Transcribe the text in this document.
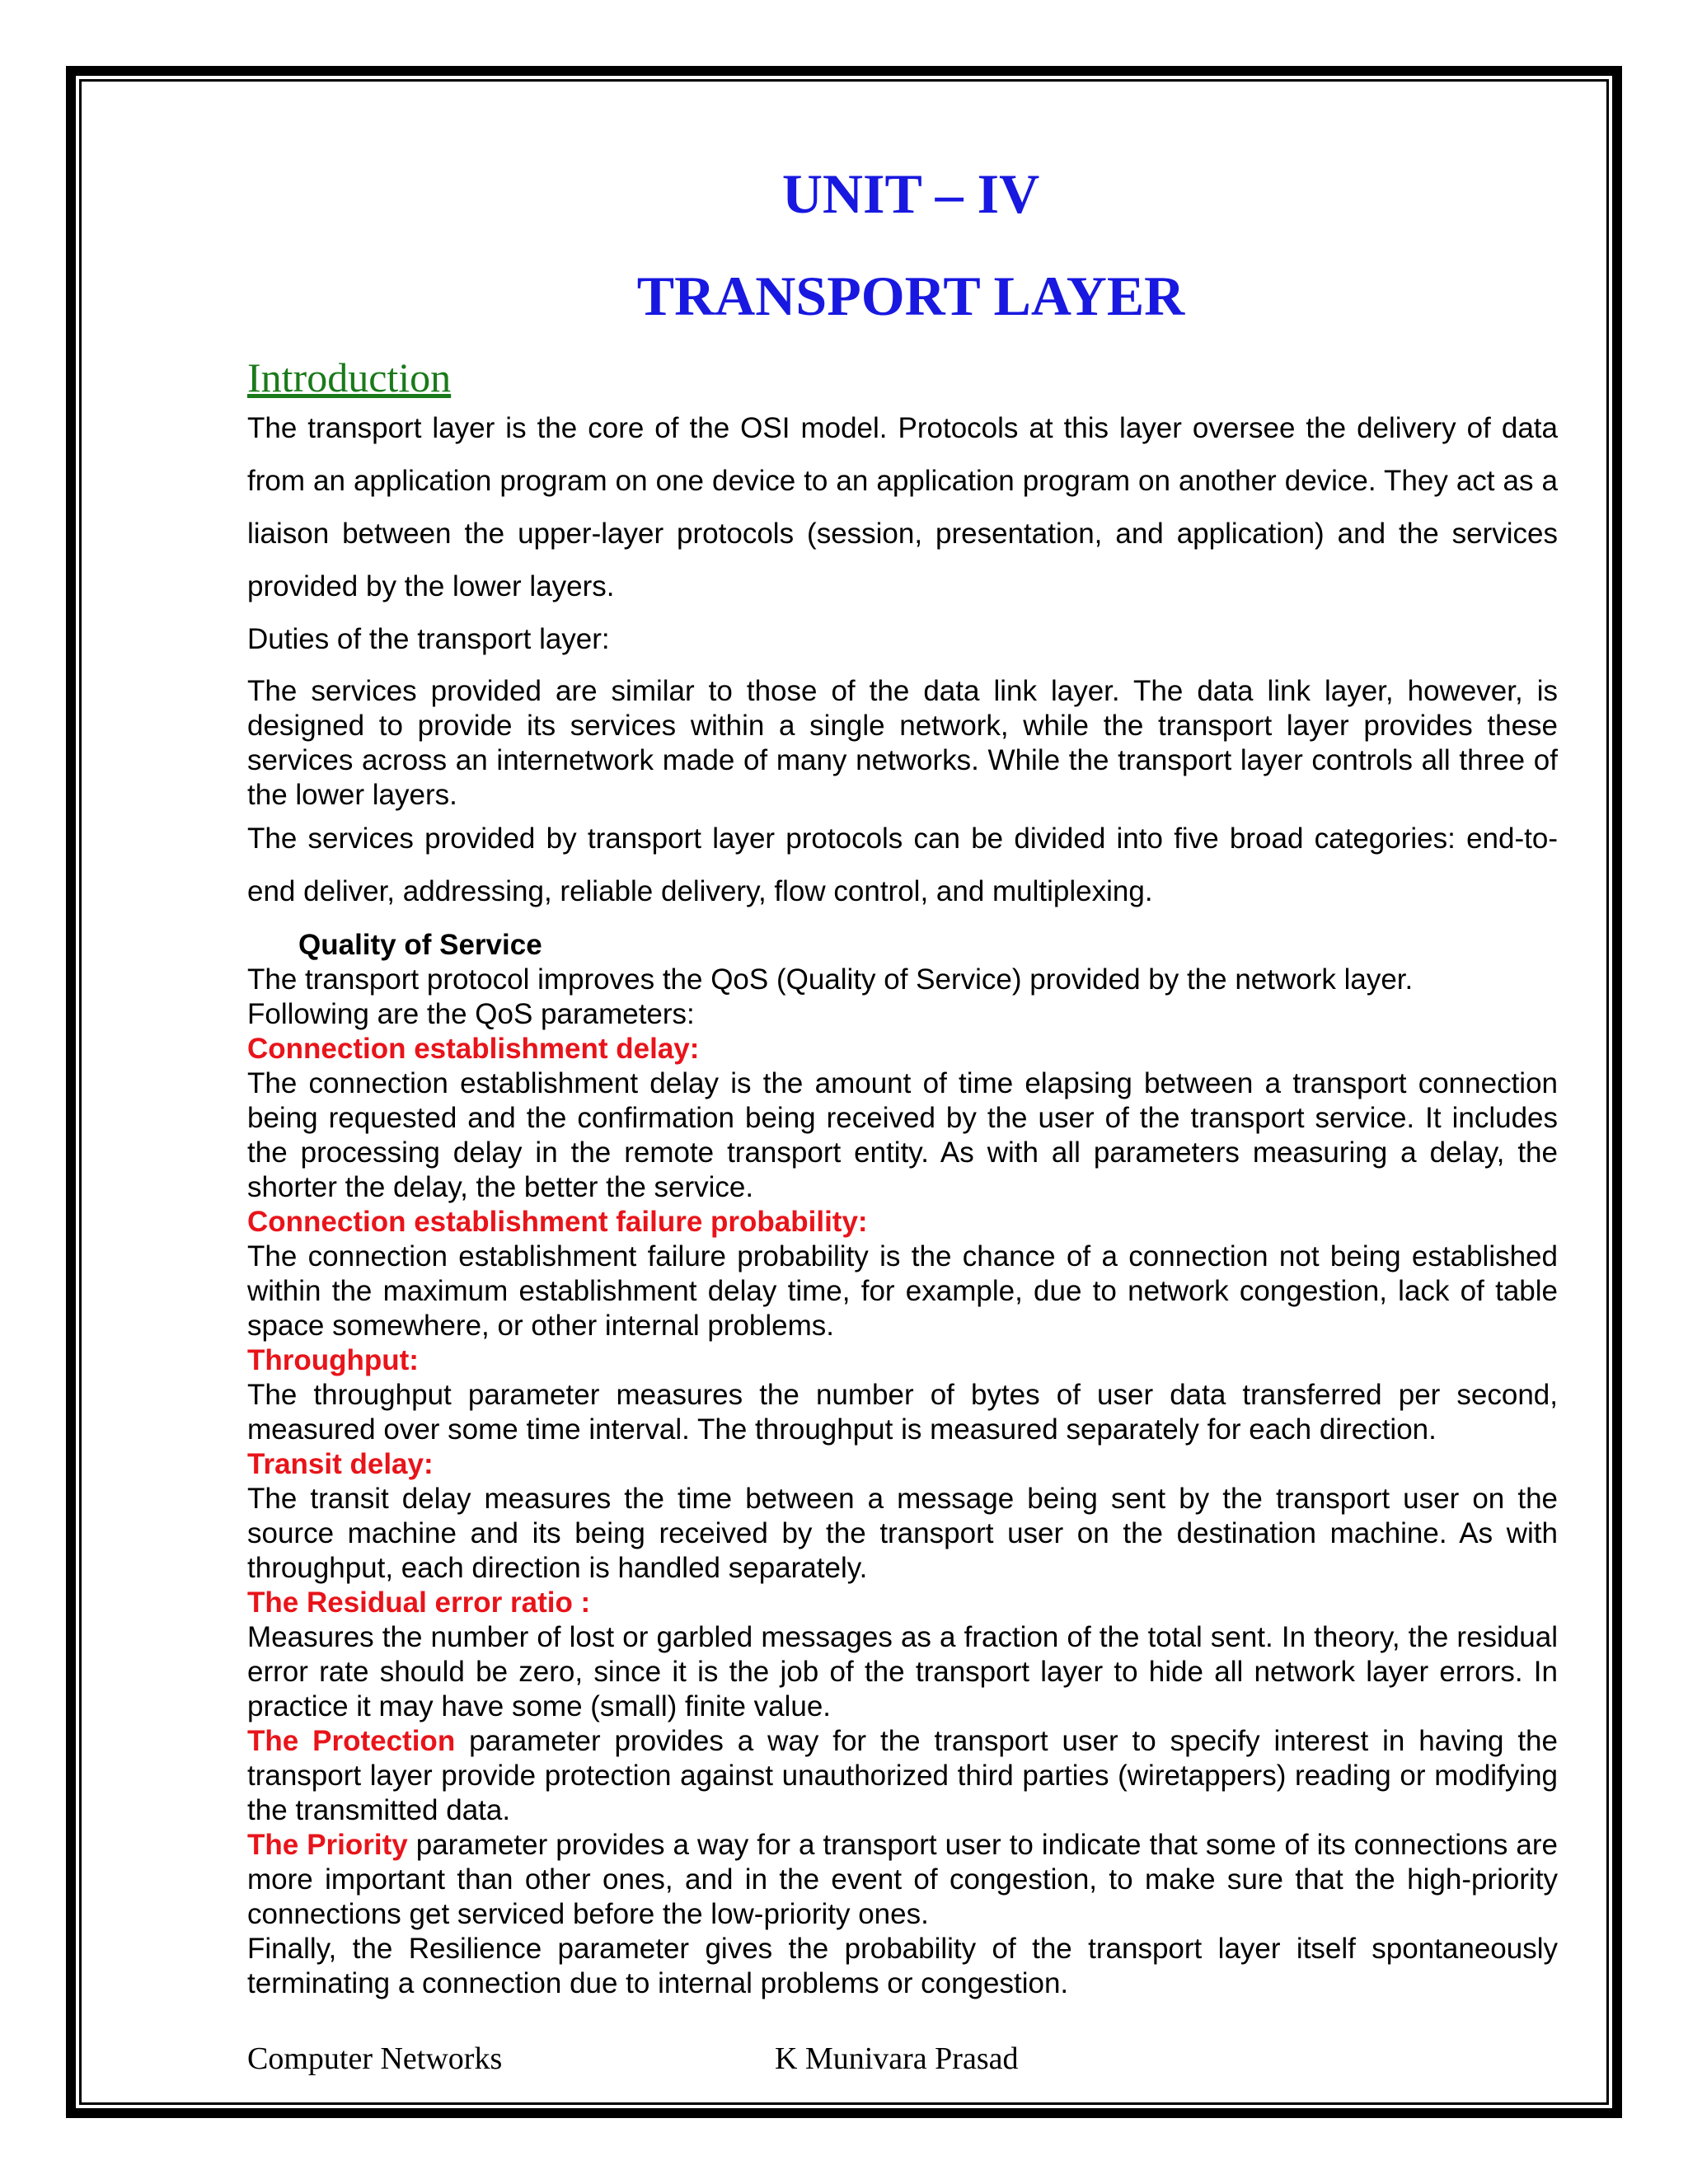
UNIT – IV
TRANSPORT LAYER
Introduction

The transport layer is the core of the OSI model. Protocols at this layer oversee the delivery of data from an application program on one device to an application program on another device. They act as a liaison between the upper-layer protocols (session, presentation, and application) and the services provided by the lower layers.

Duties of the transport layer:

The services provided are similar to those of the data link layer. The data link layer, however, is designed to provide its services within a single network, while the transport layer provides these services across an internetwork made of many networks. While the transport layer controls all three of the lower layers.

The services provided by transport layer protocols can be divided into five broad categories: end-to-end deliver, addressing, reliable delivery, flow control, and multiplexing.

Quality of Service

The transport protocol improves the QoS (Quality of Service) provided by the network layer.

Following are the QoS parameters:

Connection establishment delay:

The connection establishment delay is the amount of time elapsing between a transport connection being requested and the confirmation being received by the user of the transport service. It includes the processing delay in the remote transport entity. As with all parameters measuring a delay, the shorter the delay, the better the service.

Connection establishment failure probability:

The connection establishment failure probability is the chance of a connection not being established within the maximum establishment delay time, for example, due to network congestion, lack of table space somewhere, or other internal problems.

Throughput:

The throughput parameter measures the number of bytes of user data transferred per second, measured over some time interval. The throughput is measured separately for each direction.

Transit delay:

The transit delay measures the time between a message being sent by the transport user on the source machine and its being received by the transport user on the destination machine. As with throughput, each direction is handled separately.

The Residual error ratio :

Measures the number of lost or garbled messages as a fraction of the total sent. In theory, the residual error rate should be zero, since it is the job of the transport layer to hide all network layer errors. In practice it may have some (small) finite value.

The Protection parameter provides a way for the transport user to specify interest in having the transport layer provide protection against unauthorized third parties (wiretappers) reading or modifying the transmitted data.

The Priority parameter provides a way for a transport user to indicate that some of its connections are more important than other ones, and in the event of congestion, to make sure that the high-priority connections get serviced before the low-priority ones.

Finally, the Resilience parameter gives the probability of the transport layer itself spontaneously terminating a connection due to internal problems or congestion.

Computer Networks	K Munivara Prasad
